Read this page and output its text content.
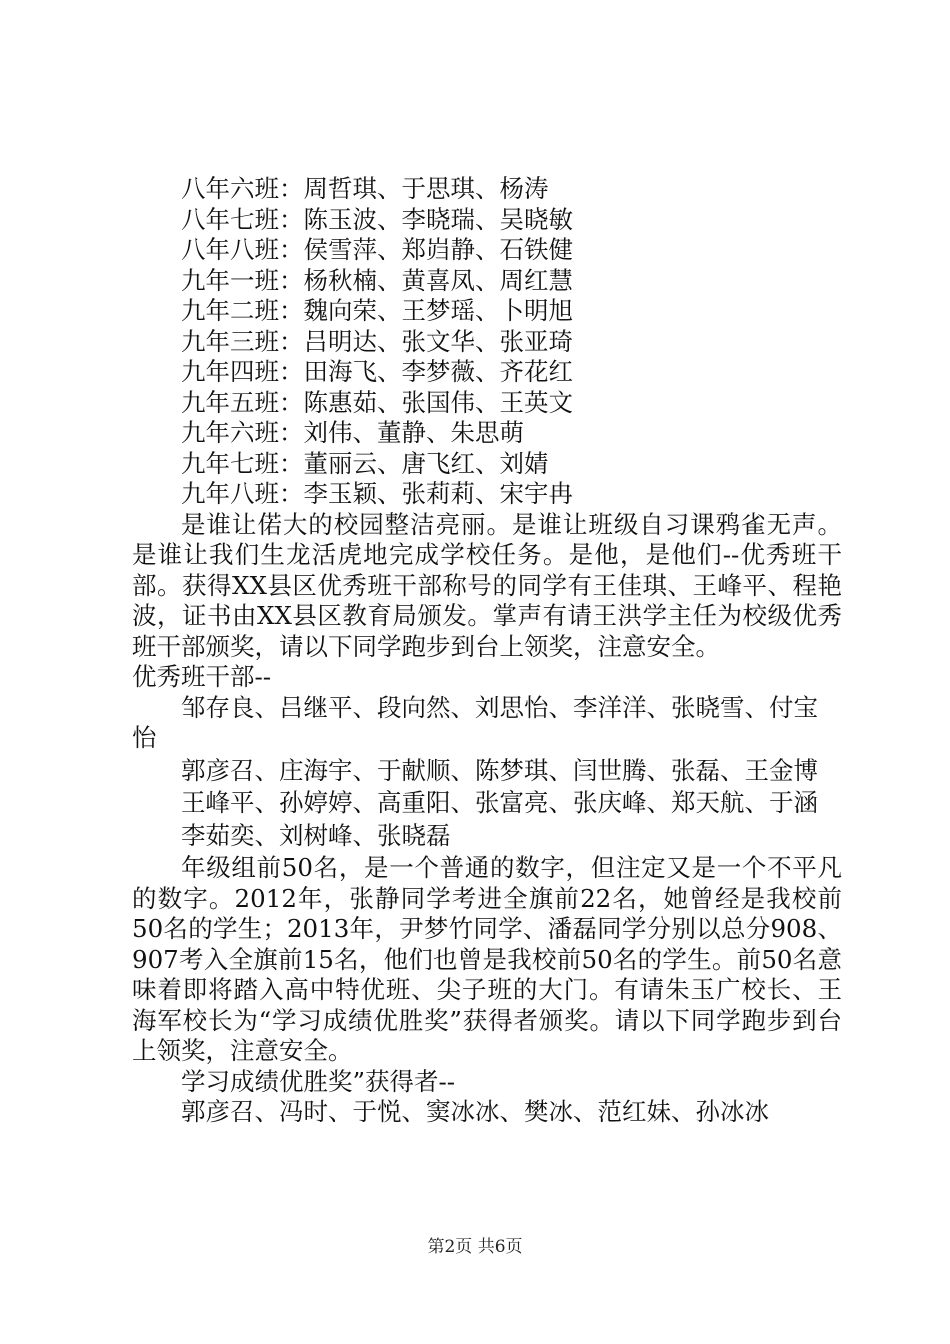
八年六班：周哲琪、于思琪、杨涛
八年七班：陈玉波、李晓瑞、吴晓敏
八年八班：侯雪萍、郑岿静、石铁健
九年一班：杨秋楠、黄喜凤、周红慧
九年二班：魏向荣、王梦瑶、卜明旭
九年三班：吕明达、张文华、张亚琦
九年四班：田海飞、李梦薇、齐花红
九年五班：陈惠茹、张国伟、王英文
九年六班：刘伟、董静、朱思萌
九年七班：董丽云、唐飞红、刘婧
九年八班：李玉颖、张莉莉、宋宇冉

是谁让偌大的校园整洁亮丽。是谁让班级自习课鸦雀无声。是谁让我们生龙活虎地完成学校任务。是他，是他们--优秀班干部。获得XX县区优秀班干部称号的同学有王佳琪、王峰平、程艳波，证书由XX县区教育局颁发。掌声有请王洪学主任为校级优秀班干部颁奖，请以下同学跑步到台上领奖，注意安全。

优秀班干部--

邹存良、吕继平、段向然、刘思怡、李洋洋、张晓雪、付宝怡

郭彦召、庄海宇、于献顺、陈梦琪、闫世腾、张磊、王金博

王峰平、孙婷婷、高重阳、张富亮、张庆峰、郑天航、于涵

李茹奕、刘树峰、张晓磊

年级组前50名，是一个普通的数字，但注定又是一个不平凡的数字。2012年，张静同学考进全旗前22名，她曾经是我校前50名的学生；2013年，尹梦竹同学、潘磊同学分别以总分908、907考入全旗前15名，他们也曾是我校前50名的学生。前50名意味着即将踏入高中特优班、尖子班的大门。有请朱玉广校长、王海军校长为“学习成绩优胜奖”获得者颁奖。请以下同学跑步到台上领奖，注意安全。

学习成绩优胜奖”获得者--
郭彦召、冯时、于悦、窦冰冰、樊冰、范红妹、孙冰冰
第2页 共6页
